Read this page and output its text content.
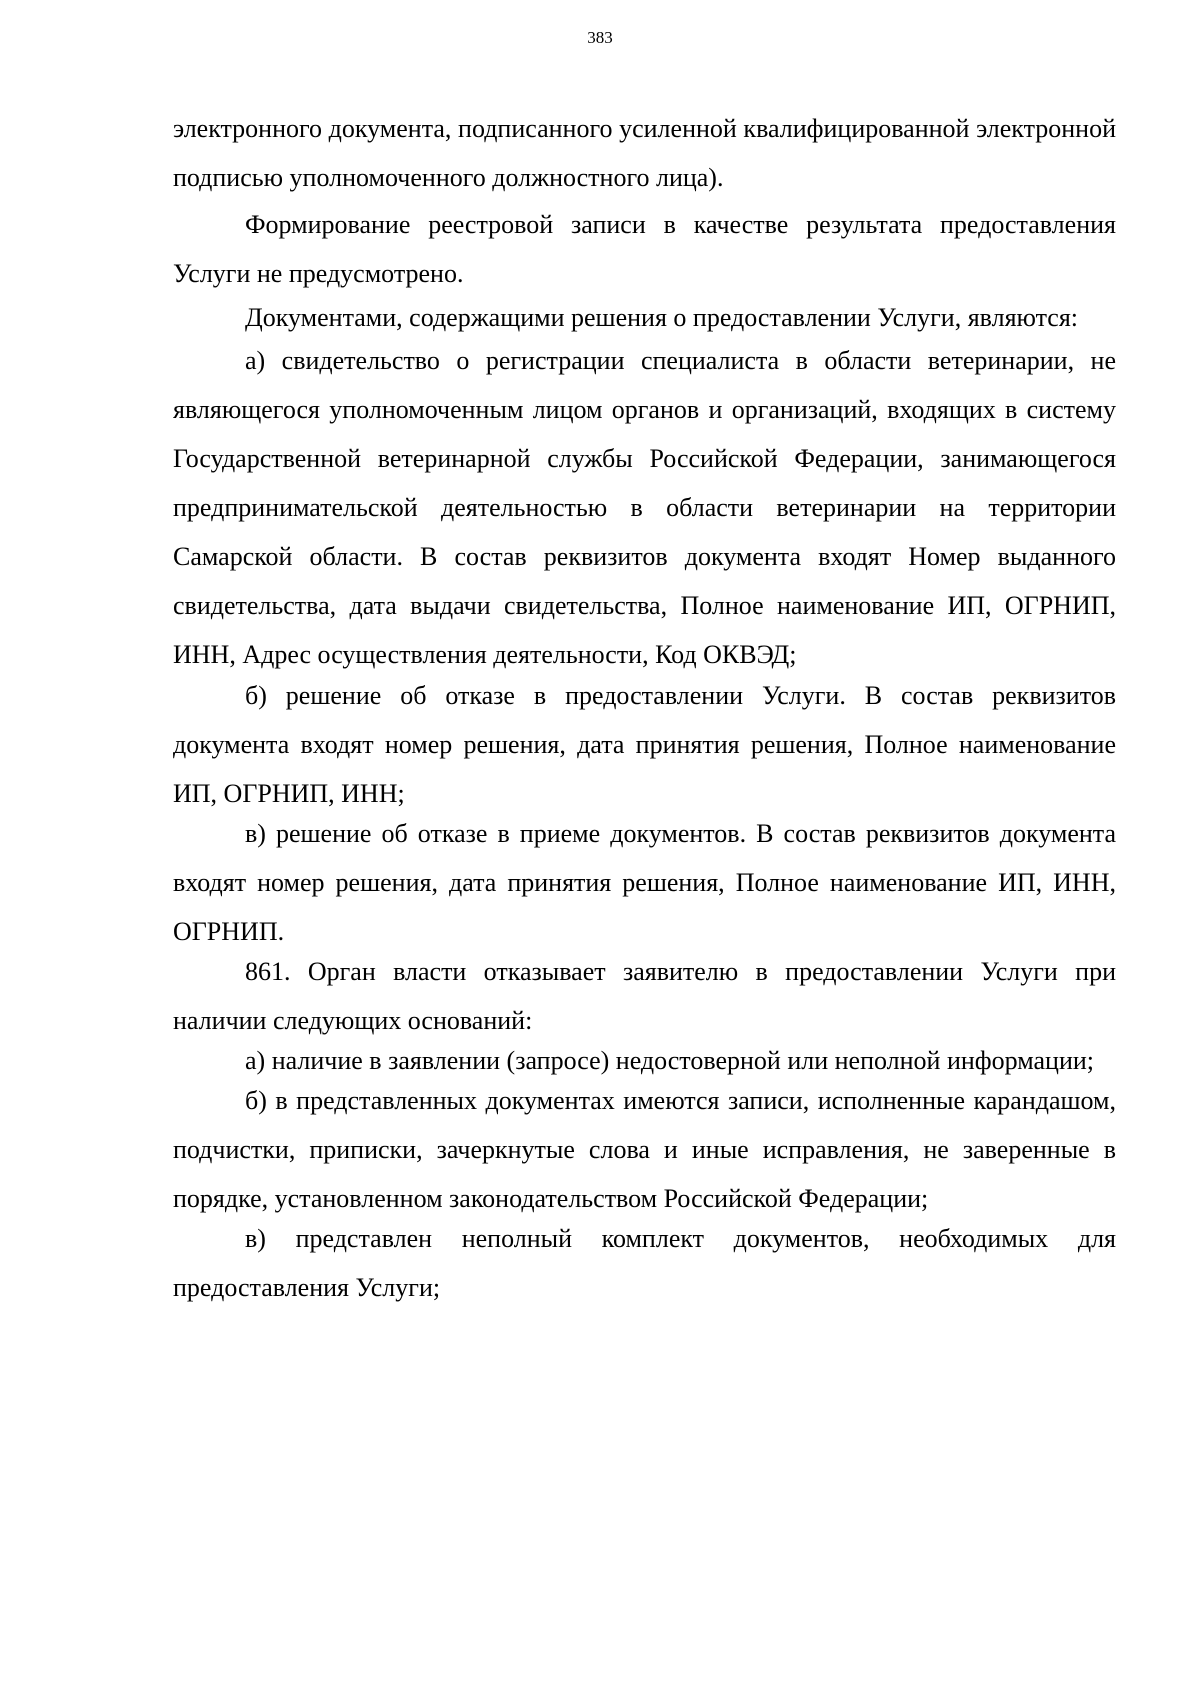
383

электронного документа, подписанного усиленной квалифицированной электронной подписью уполномоченного должностного лица).

Формирование реестровой записи в качестве результата предоставления Услуги не предусмотрено.

Документами, содержащими решения о предоставлении Услуги, являются:

а) свидетельство о регистрации специалиста в области ветеринарии, не являющегося уполномоченным лицом органов и организаций, входящих в систему Государственной ветеринарной службы Российской Федерации, занимающегося предпринимательской деятельностью в области ветеринарии на территории Самарской области. В состав реквизитов документа входят Номер выданного свидетельства, дата выдачи свидетельства, Полное наименование ИП, ОГРНИП, ИНН, Адрес осуществления деятельности, Код ОКВЭД;

б) решение об отказе в предоставлении Услуги. В состав реквизитов документа входят номер решения, дата принятия решения, Полное наименование ИП, ОГРНИП, ИНН;

в) решение об отказе в приеме документов. В состав реквизитов документа входят номер решения, дата принятия решения, Полное наименование ИП, ИНН, ОГРНИП.

861. Орган власти отказывает заявителю в предоставлении Услуги при наличии следующих оснований:

а) наличие в заявлении (запросе) недостоверной или неполной информации;

б) в представленных документах имеются записи, исполненные карандашом, подчистки, приписки, зачеркнутые слова и иные исправления, не заверенные в порядке, установленном законодательством Российской Федерации;

в) представлен неполный комплект документов, необходимых для предоставления Услуги;
